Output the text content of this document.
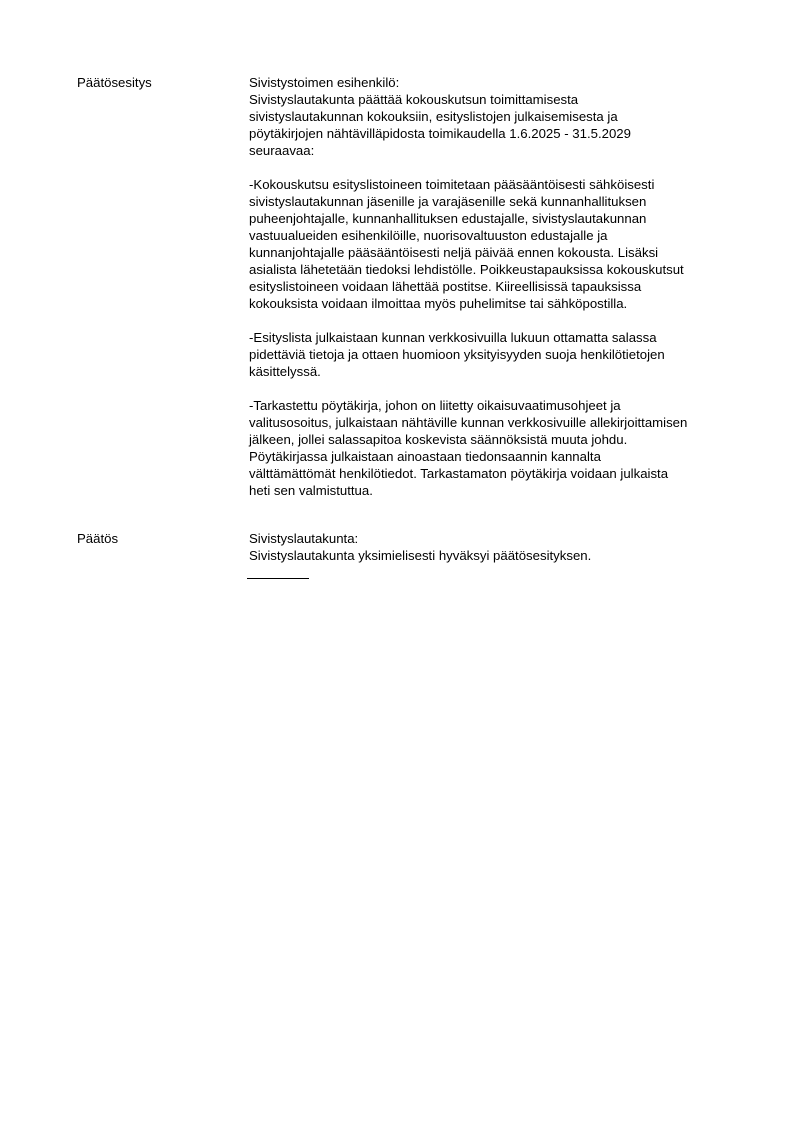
Päätösesitys	Sivistystoimen esihenkilö:
Sivistyslautakunta päättää kokouskutsun toimittamisesta
sivistyslautakunnan kokouksiin, esityslistojen julkaisemisesta ja
pöytäkirjojen nähtävilläpidosta toimikaudella 1.6.2025 - 31.5.2029
seuraavaa:
-Kokouskutsu esityslistoineen toimitetaan pääsääntöisesti sähköisesti
sivistyslautakunnan jäsenille ja varajäsenille sekä kunnanhallituksen
puheenjohtajalle, kunnanhallituksen edustajalle, sivistyslautakunnan
vastuualueiden esihenkilöille, nuorisovaltuuston edustajalle ja
kunnanjohtajalle pääsääntöisesti neljä päivää ennen kokousta. Lisäksi
asialista lähetetään tiedoksi lehdistölle. Poikkeustapauksissa kokouskutsut
esityslistoineen voidaan lähettää postitse. Kiireellisissä tapauksissa
kokouksista voidaan ilmoittaa myös puhelimitse tai sähköpostilla.
-Esityslista julkaistaan kunnan verkkosivuilla lukuun ottamatta salassa
pidettäviä tietoja ja ottaen huomioon yksityisyyden suoja henkilötietojen
käsittelyssä.
-Tarkastettu pöytäkirja, johon on liitetty oikaisuvaatimusohjeet ja
valitusosoitus, julkaistaan nähtäville kunnan verkkosivuille allekirjoittamisen
jälkeen, jollei salassapitoa koskevista säännöksistä muuta johdu.
Pöytäkirjassa julkaistaan ainoastaan tiedonsaannin kannalta
välttämättömät henkilötiedot. Tarkastamaton pöytäkirja voidaan julkaista
heti sen valmistuttua.
Päätös	Sivistyslautakunta:
Sivistyslautakunta yksimielisesti hyväksyi päätösesityksen.
